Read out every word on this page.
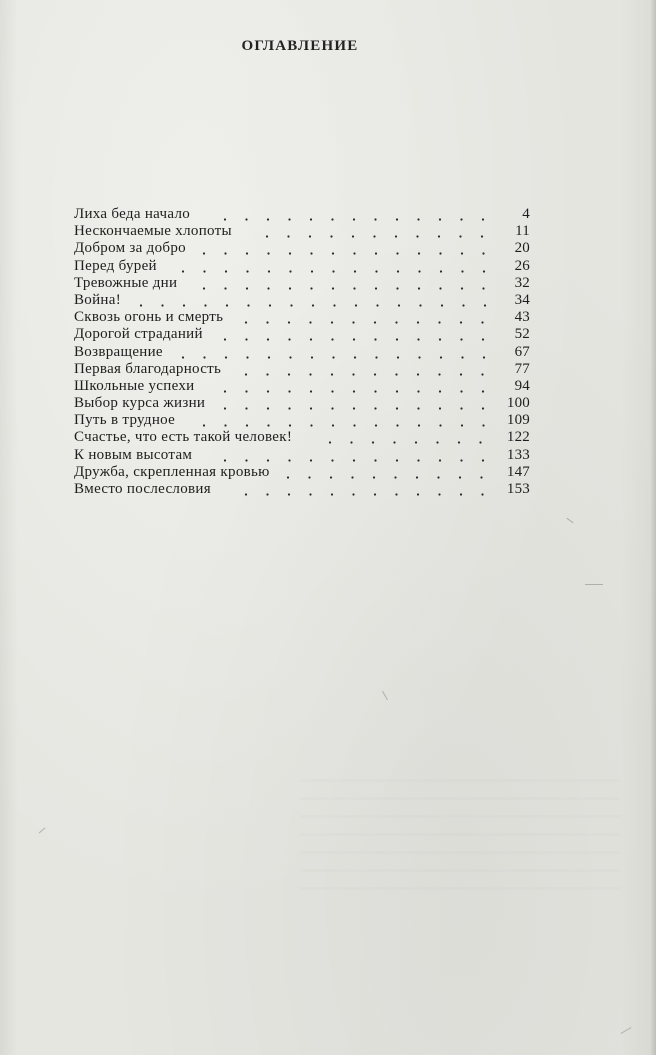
ОГЛАВЛЕНИЕ
Лиха беда начало	4
Нескончаемые хлопоты	11
Добром за добро	20
Перед бурей	26
Тревожные дни	32
Война!	34
Сквозь огонь и смерть	43
Дорогой страданий	52
Возвращение	67
Первая благодарность	77
Школьные успехи	94
Выбор курса жизни	100
Путь в трудное	109
Счастье, что есть такой человек!	122
К новым высотам	133
Дружба, скрепленная кровью	147
Вместо послесловия	153
